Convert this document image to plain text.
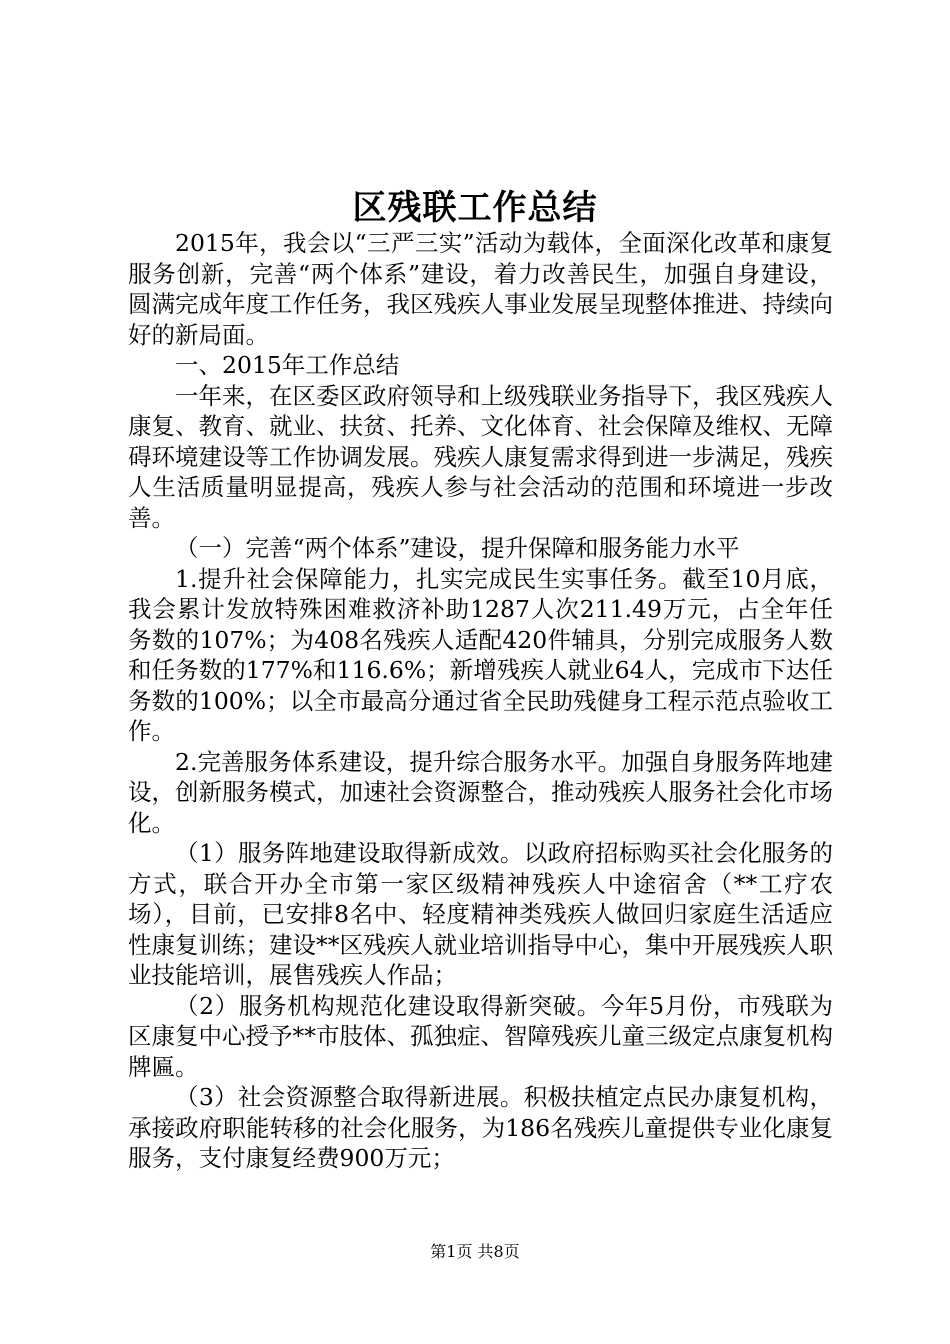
区残联工作总结

2015年，我会以“三严三实”活动为载体，全面深化改革和康复服务创新，完善“两个体系”建设，着力改善民生，加强自身建设，圆满完成年度工作任务，我区残疾人事业发展呈现整体推进、持续向好的新局面。

一、2015年工作总结

一年来，在区委区政府领导和上级残联业务指导下，我区残疾人康复、教育、就业、扶贫、托养、文化体育、社会保障及维权、无障碍环境建设等工作协调发展。残疾人康复需求得到进一步满足，残疾人生活质量明显提高，残疾人参与社会活动的范围和环境进一步改善。

（一）完善“两个体系”建设，提升保障和服务能力水平

1.提升社会保障能力，扎实完成民生实事任务。截至10月底，我会累计发放特殊困难救济补助1287人次211.49万元，占全年任务数的107%；为408名残疾人适配420件辅具，分别完成服务人数和任务数的177%和116.6%；新增残疾人就业64人，完成市下达任务数的100%；以全市最高分通过省全民助残健身工程示范点验收工作。

2.完善服务体系建设，提升综合服务水平。加强自身服务阵地建设，创新服务模式，加速社会资源整合，推动残疾人服务社会化市场化。

（1）服务阵地建设取得新成效。以政府招标购买社会化服务的方式，联合开办全市第一家区级精神残疾人中途宿舍（**工疗农场），目前，已安排8名中、轻度精神类残疾人做回归家庭生活适应性康复训练；建设**区残疾人就业培训指导中心，集中开展残疾人职业技能培训，展售残疾人作品；

（2）服务机构规范化建设取得新突破。今年5月份，市残联为区康复中心授予**市肢体、孤独症、智障残疾儿童三级定点康复机构牌匾。

（3）社会资源整合取得新进展。积极扶植定点民办康复机构，承接政府职能转移的社会化服务，为186名残疾儿童提供专业化康复服务，支付康复经费900万元；

第1页 共8页
